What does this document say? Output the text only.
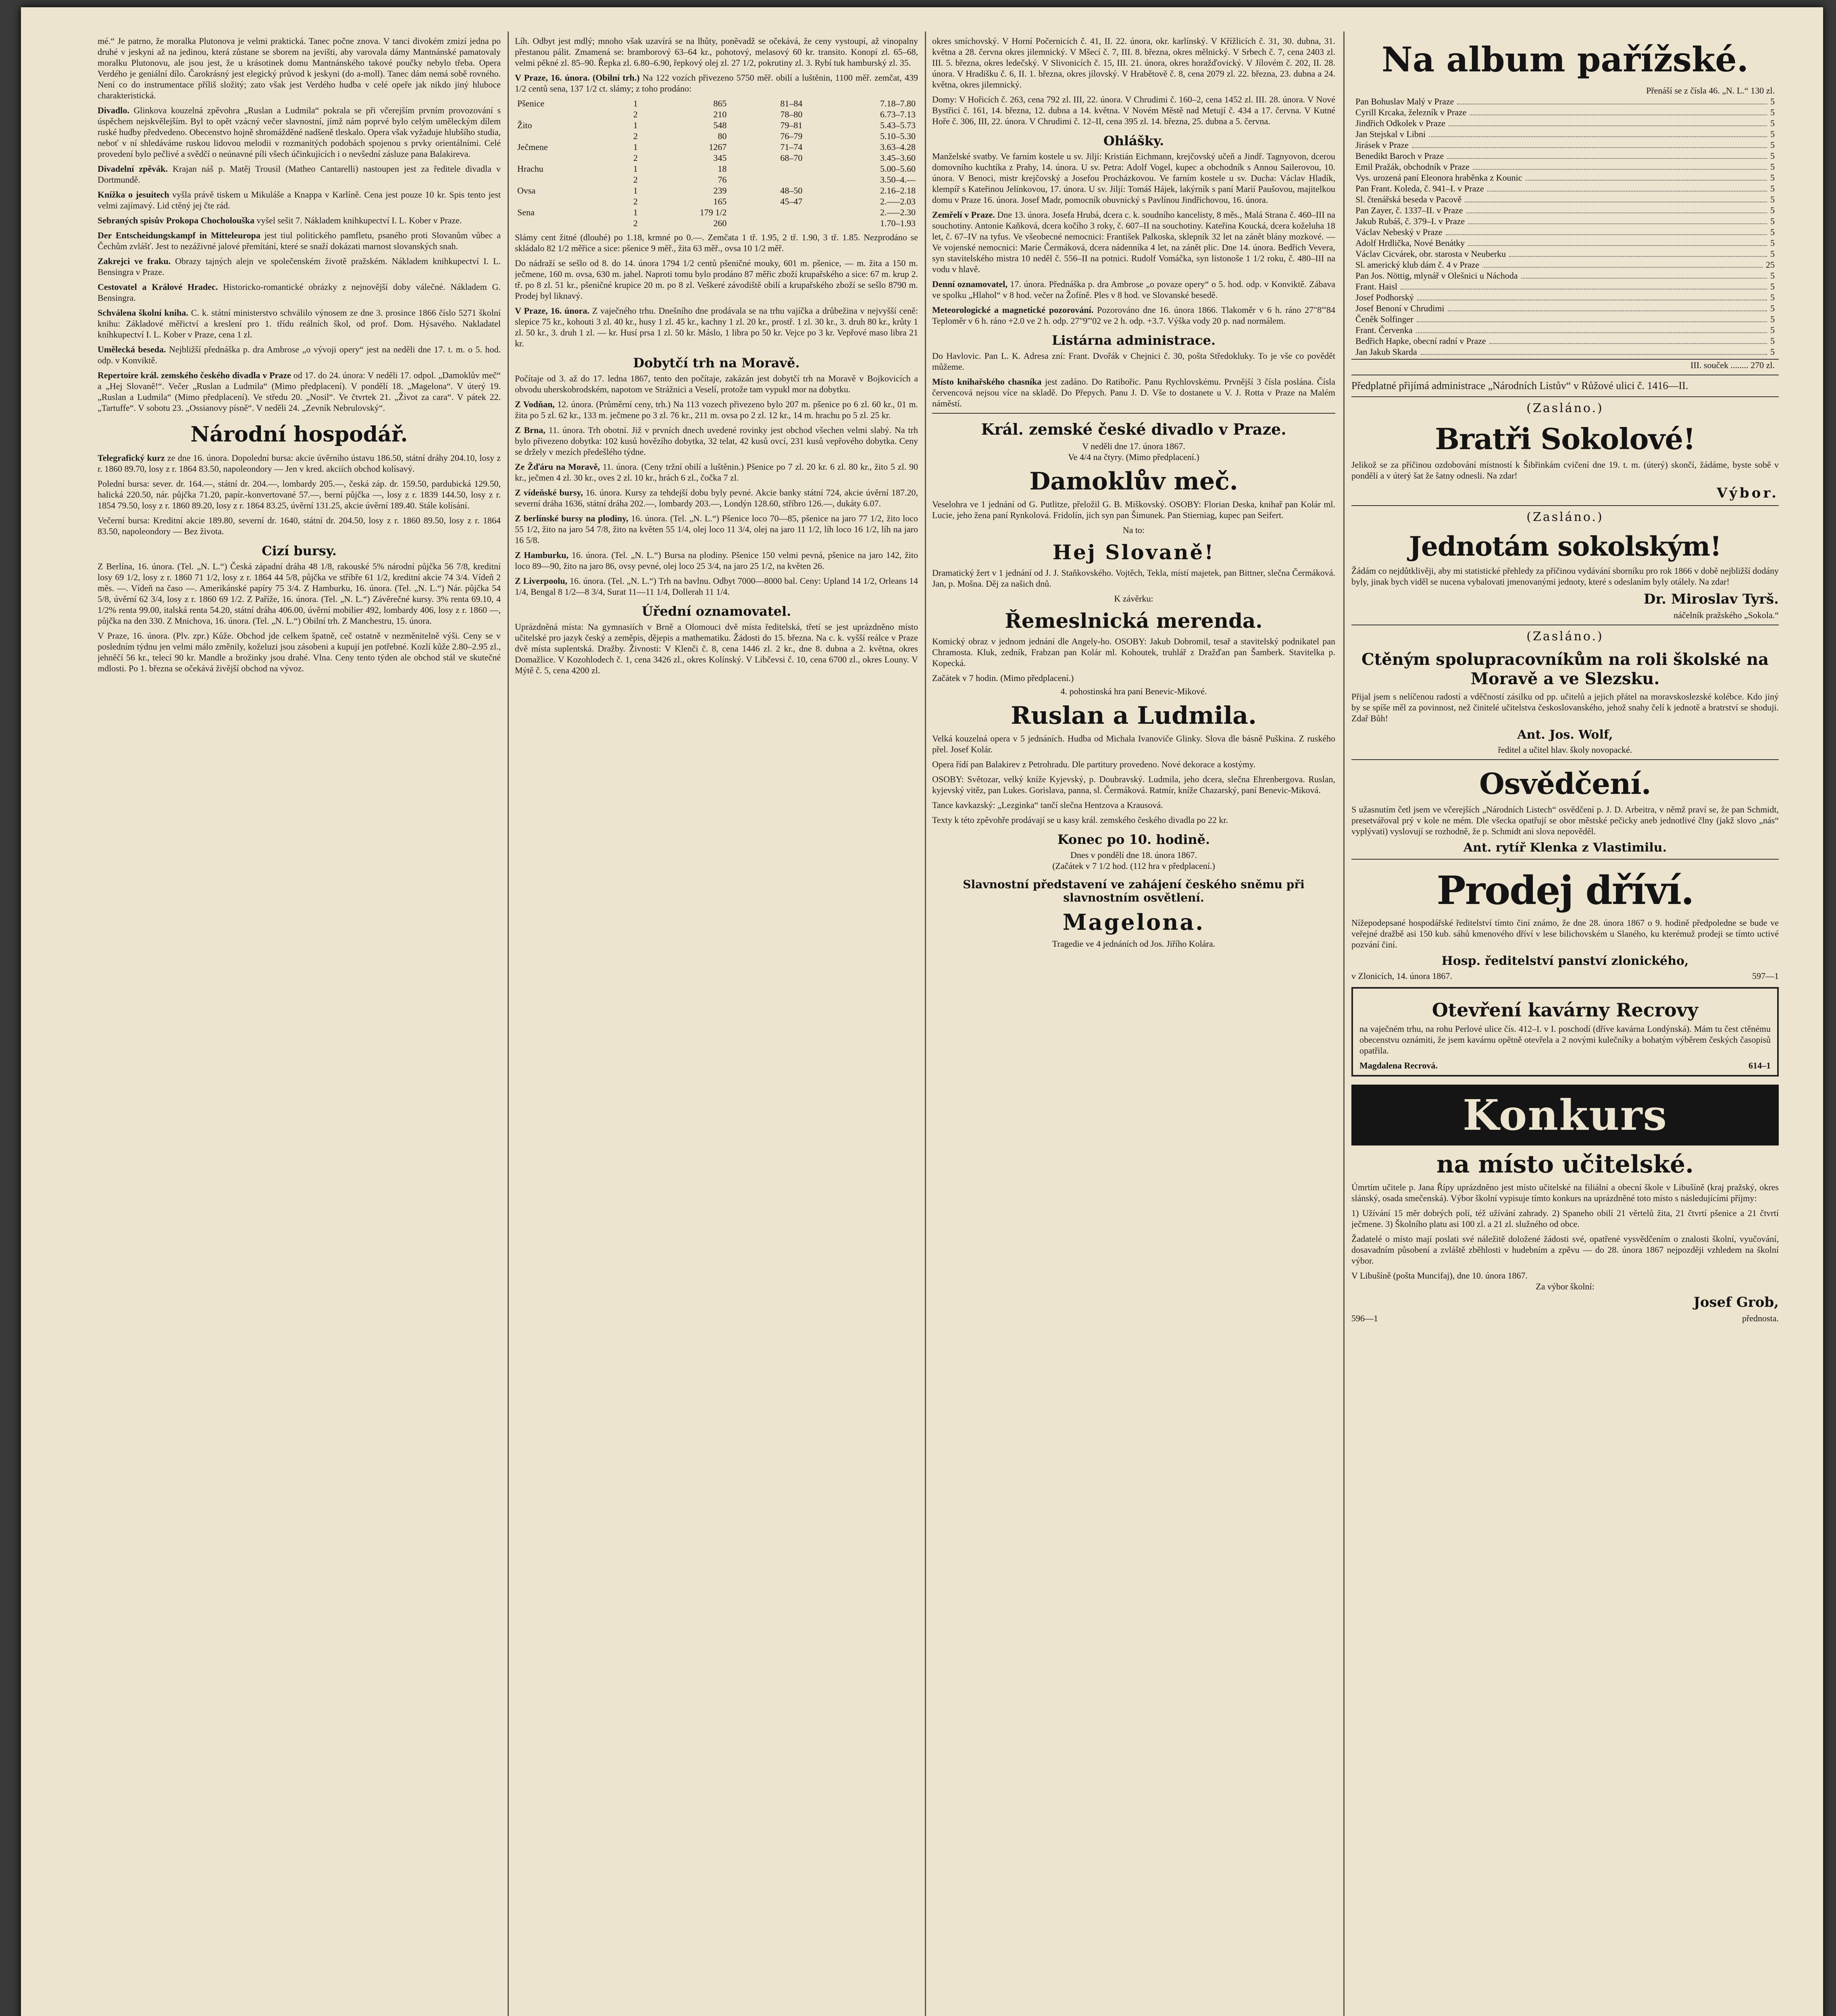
mé.“ Je patrno, že moralka Plutonova je velmi praktická. Tanec počne znova. V tanci divokém zmizí jedna po druhé v jeskyni až na jedinou, která zůstane se sborem na jevišti, aby varovala dámy Mantnánské pamatovaly moralku Plutonovu, ale jsou jest, že u krásotinek domu Mantnánského takové poučky nebylo třeba. Opera Verdého je geniální dílo. Čarokrásný jest elegický průvod k jeskyni (do a-moll). Tanec dám nemá sobě rovného. Není co do instrumentace příliš složitý; zato však jest Verdého hudba v celé opeře jak nikdo jiný hluboce charakteristická.

Divadlo. Glinkova kouzelná zpěvohra „Ruslan a Ludmila“ pokrala se při včerejším prvním provozování s úspěchem nejskvělejším. Byl to opět vzácný večer slavnostní, jímž nám poprvé bylo celým uměleckým dílem ruské hudby předvedeno. Obecenstvo hojně shromážděné nadšeně tleskalo. Opera však vyžaduje hlubšího studia, neboť v ní shledáváme ruskou lidovou melodii v rozmanitých podobách spojenou s prvky orientálními. Celé provedení bylo pečlivé a svědčí o neúnavné píli všech účinkujících i o nevšední zásluze pana Balakireva.

Divadelní zpěvák. Krajan náš p. Matěj Trousil (Matheo Cantarelli) nastoupen jest za ředitele divadla v Dortmundě.

Knížka o jesuitech vyšla právě tiskem u Mikuláše a Knappa v Karlíně. Cena jest pouze 10 kr. Spis tento jest velmi zajímavý. Lid ctěný jej čte rád.

Sebraných spisův Prokopa Chocholouška vyšel sešit 7. Nákladem knihkupectví I. L. Kober v Praze.

Der Entscheidungskampf in Mitteleuropa jest tiul politického pamfletu, psaného proti Slovanům vůbec a Čechům zvlášť. Jest to nezáživné jalové přemítání, které se snaží dokázati marnost slovanských snah.

Zakrejci ve fraku. Obrazy tajných alejn ve společenském životě pražském. Nákladem knihkupectví I. L. Bensingra v Praze.

Cestovatel a Králové Hradec. Historicko-romantické obrázky z nejnovější doby válečné. Nákladem G. Bensingra.

Schválena školní kniha. C. k. státní ministerstvo schválilo výnosem ze dne 3. prosince 1866 číslo 5271 školní knihu: Základové měřictví a kreslení pro 1. třídu reálních škol, od prof. Dom. Hýsavého. Nakladatel kníhkupectví I. L. Kober v Praze, cena 1 zl.

Umělecká beseda. Nejbližší přednáška p. dra Ambrose „o vývoji opery“ jest na neděli dne 17. t. m. o 5. hod. odp. v Konviktě.

Repertoire král. zemského českého divadla v Praze od 17. do 24. února: V neděli 17. odpol. „Damoklův meč“ a „Hej Slovaně!“. Večer „Ruslan a Ludmila“ (Mimo předplacení). V pondělí 18. „Magelona“. V úterý 19. „Ruslan a Ludmila“ (Mimo předplacení). Ve středu 20. „Nosil“. Ve čtvrtek 21. „Život za cara“. V pátek 22. „Tartuffe“. V sobotu 23. „Ossianovy písně“. V neděli 24. „Zevník Nebrulovský“.

Národní hospodář.

Telegrafický kurz ze dne 16. února. Dopolední bursa: akcie úvěrního ústavu 186.50, státní dráhy 204.10, losy z r. 1860 89.70, losy z r. 1864 83.50, napoleondory — Jen v kred. akciích obchod kolísavý.

Polední bursa: sever. dr. 164.—, státní dr. 204.—, lombardy 205.—, česká záp. dr. 159.50, pardubická 129.50, halická 220.50, nár. půjčka 71.20, papír.-konvertované 57.—, berní půjčka —, losy z r. 1839 144.50, losy z r. 1854 79.50, losy z r. 1860 89.20, losy z r. 1864 83.25, úvěrní 131.25, akcie úvěrní 189.40. Stále kolísání.

Večerní bursa: Kreditní akcie 189.80, severní dr. 1640, státní dr. 204.50, losy z r. 1860 89.50, losy z r. 1864 83.50, napoleondory — Bez života.

Cizí bursy.

Z Berlína, 16. února. (Tel. „N. L.“) Česká západní dráha 48 1/8, rakouské 5% národní půjčka 56 7/8, kreditní losy 69 1/2, losy z r. 1860 71 1/2, losy z r. 1864 44 5/8, půjčka ve stříbře 61 1/2, kreditní akcie 74 3/4. Vídeň 2 měs. —. Vídeň na časo —. Amerikánské papíry 75 3/4. Z Hamburku, 16. února. (Tel. „N. L.“) Nár. půjčka 54 5/8, úvěrní 62 3/4, losy z r. 1860 69 1/2. Z Paříže, 16. února. (Tel. „N. L.“) Závěrečné kursy. 3% renta 69.10, 4 1/2% renta 99.00, italská renta 54.20, státní dráha 406.00, úvěrní mobilier 492, lombardy 406, losy z r. 1860 —, půjčka na den 330. Z Mnichova, 16. února. (Tel. „N. L.“) Obilní trh. Z Manchestru, 15. února.

V Praze, 16. února. (Plv. zpr.) Kůže. Obchod jde celkem špatně, ceč ostatně v nezměnitelně výši. Ceny se v posledním týdnu jen velmi málo změnily, koželuzi jsou zásobeni a kupují jen potřebné. Kozlí kůže 2.80–2.95 zl., jehněčí 56 kr., telecí 90 kr. Mandle a brožinky jsou drahé. Vlna. Ceny tento týden ale obchod stál ve skutečné mdlosti. Po 1. března se očekává živější obchod na vývoz.

Líh. Odbyt jest mdlý; mnoho však uzavírá se na lhůty, poněvadž se očekává, že ceny vystoupí, až vinopalny přestanou pálit. Zmamená se: bramborový 63–64 kr., pohotový, melasový 60 kr. transito. Konopí zl. 65–68, velmi pěkné zl. 85–90. Řepka zl. 6.80–6.90, řepkový olej zl. 27 1/2, pokrutiny zl. 3. Rybí tuk hamburský zl. 35.

V Praze, 16. února. (Obilní trh.) Na 122 vozích přivezeno 5750 měř. obilí a luštěnin, 1100 měř. zemčat, 439 1/2 centů sena, 137 1/2 ct. slámy; z toho prodáno:

Pšenice	1	865	81–84	7.18–7.80
	2	210	78–80	6.73–7.13
Žito	1	548	79–81	5.43–5.73
	2	80	76–79	5.10–5.30
Ječmene	1	1267	71–74	3.63–4.28
	2	345	68–70	3.45–3.60
Hrachu	1	18		5.00–5.60
	2	76		3.50–4.—
Ovsa	1	239	48–50	2.16–2.18
	2	165	45–47	2.—–2.03
Sena	1	179 1/2		2.—–2.30
	2	260		1.70–1.93

Slámy cent žitné (dlouhé) po 1.18, krmné po 0.—. Zemčata 1 tř. 1.95, 2 tř. 1.90, 3 tř. 1.85. Nezprodáno se skládalo 82 1/2 měřice a sice: pšenice 9 měř., žita 63 měř., ovsa 10 1/2 měř.

Do nádraží se sešlo od 8. do 14. února 1794 1/2 centů pšeničné mouky, 601 m. pšenice, — m. žita a 150 m. ječmene, 160 m. ovsa, 630 m. jahel. Naproti tomu bylo prodáno 87 měřic zboží krupařského a sice: 67 m. krup 2. tř. po 8 zl. 51 kr., pšeničné krupice 20 m. po 8 zl. Veškeré závodiště obilí a krupařského zboží se sešlo 8790 m. Prodej byl liknavý.

V Praze, 16. února. Z vaječného trhu. Dnešního dne prodávala se na trhu vajíčka a drůbežina v nejvyšší ceně: slepice 75 kr., kohouti 3 zl. 40 kr., husy 1 zl. 45 kr., kachny 1 zl. 20 kr., prostř. 1 zl. 30 kr., 3. druh 80 kr., krůty 1 zl. 50 kr., 3. druh 1 zl. — kr. Husí prsa 1 zl. 50 kr. Máslo, 1 libra po 50 kr. Vejce po 3 kr. Vepřové maso libra 21 kr.

Dobytčí trh na Moravě.

Počítaje od 3. až do 17. ledna 1867, tento den počítaje, zakázán jest dobytčí trh na Moravě v Bojkovicích a obvodu uherskobrodském, napotom ve Strážnici a Veselí, protože tam vypukl mor na dobytku.

Z Vodňan, 12. února. (Průměrní ceny, trh.) Na 113 vozech přivezeno bylo 207 m. pšenice po 6 zl. 60 kr., 01 m. žita po 5 zl. 62 kr., 133 m. ječmene po 3 zl. 76 kr., 211 m. ovsa po 2 zl. 12 kr., 14 m. hrachu po 5 zl. 25 kr.

Z Brna, 11. února. Trh obotní. Již v prvních dnech uvedené rovinky jest obchod všechen velmi slabý. Na trh bylo přivezeno dobytka: 102 kusů hovězího dobytka, 32 telat, 42 kusů ovcí, 231 kusů vepřového dobytka. Ceny se držely v mezích předešlého týdne.

Ze Žďáru na Moravě, 11. února. (Ceny tržní obilí a luštěnin.) Pšenice po 7 zl. 20 kr. 6 zl. 80 kr., žito 5 zl. 90 kr., ječmen 4 zl. 30 kr., oves 2 zl. 10 kr., hrách 6 zl., čočka 7 zl.

Z vídeňské bursy, 16. února. Kursy za tehdejší dobu byly pevné. Akcie banky státní 724, akcie úvěrní 187.20, severní dráha 1636, státní dráha 202.—, lombardy 203.—, Londýn 128.60, stříbro 126.—, dukáty 6.07.

Z berlínské bursy na plodiny, 16. února. (Tel. „N. L.“) Pšenice loco 70—85, pšenice na jaro 77 1/2, žito loco 55 1/2, žito na jaro 54 7/8, žito na květen 55 1/4, olej loco 11 3/4, olej na jaro 11 1/2, líh loco 16 1/2, líh na jaro 16 5/8.

Z Hamburku, 16. února. (Tel. „N. L.“) Bursa na plodiny. Pšenice 150 velmi pevná, pšenice na jaro 142, žito loco 89—90, žito na jaro 86, ovsy pevné, olej loco 25 3/4, na jaro 25 1/2, na květen 26.

Z Liverpoolu, 16. února. (Tel. „N. L.“) Trh na bavlnu. Odbyt 7000—8000 bal. Ceny: Upland 14 1/2, Orleans 14 1/4, Bengal 8 1/2—8 3/4, Surat 11—11 1/4, Dollerah 11 1/4.

Úřední oznamovatel.

Uprázdněná místa: Na gymnasiích v Brně a Olomouci dvě místa ředitelská, třetí se jest uprázdněno místo učitelské pro jazyk český a zeměpis, dějepis a mathematiku. Žádosti do 15. března. Na c. k. vyšší reálce v Praze dvě místa suplentská. Dražby. Živnosti: V Klenči č. 8, cena 1446 zl. 2 kr., dne 8. dubna a 2. května, okres Domažlice. V Kozohlodech č. 1, cena 3426 zl., okres Kolínský. V Libčevsi č. 10, cena 6700 zl., okres Louny. V Mýtě č. 5, cena 4200 zl.

okres smíchovský. V Horní Počernicích č. 41, II. 22. února, okr. karlínský. V Křížlicích č. 31, 30. dubna, 31. května a 28. června okres jilemnický. V Mšecí č. 7, III. 8. března, okres mělnický. V Srbech č. 7, cena 2403 zl. III. 5. března, okres ledečský. V Slivonicích č. 15, III. 21. února, okres horažďovický. V Jílovém č. 202, II. 28. února. V Hradišku č. 6, II. 1. března, okres jílovský. V Hrabětově č. 8, cena 2079 zl. 22. března, 23. dubna a 24. května, okres jilemnický.

Domy: V Hořicích č. 263, cena 792 zl. III, 22. února. V Chrudimi č. 160–2, cena 1452 zl. III. 28. února. V Nové Bystřici č. 161, 14. března, 12. dubna a 14. května. V Novém Městě nad Metují č. 434 a 17. června. V Kutné Hoře č. 306, III, 22. února. V Chrudimi č. 12–II, cena 395 zl. 14. března, 25. dubna a 5. června.

Ohlášky.

Manželské svatby. Ve farním kostele u sv. Jiljí: Kristián Eichmann, krejčovský učeň a Jindř. Tagnyovon, dcerou domovního kuchtíka z Prahy, 14. února. U sv. Petra: Adolf Vogel, kupec a obchodník s Annou Sailerovou, 10. února. V Benoci, mistr krejčovský a Josefou Procházkovou. Ve farním kostele u sv. Ducha: Václav Hladík, klempíř s Kateřinou Jelínkovou, 17. února. U sv. Jiljí: Tomáš Hájek, lakýrník s paní Marií Paušovou, majitelkou domu v Praze 16. února. Josef Madr, pomocník obuvnický s Pavlínou Jindřichovou, 16. února.

Zemřelí v Praze. Dne 13. února. Josefa Hrubá, dcera c. k. soudního kancelisty, 8 měs., Malá Strana č. 460–III na souchotiny. Antonie Kaňková, dcera kočího 3 roky, č. 607–II na souchotiny. Kateřina Koucká, dcera koželuha 18 let, č. 67–IV na tyfus. Ve všeobecné nemocnici: František Palkoska, sklepník 32 let na zánět blány mozkové. — Ve vojenské nemocnici: Marie Čermáková, dcera nádenníka 4 let, na zánět plic. Dne 14. února. Bedřich Vevera, syn stavitelského mistra 10 neděl č. 556–II na potnici. Rudolf Vomáčka, syn listonoše 1 1/2 roku, č. 480–III na vodu v hlavě.

Denní oznamovatel, 17. února. Přednáška p. dra Ambrose „o povaze opery“ o 5. hod. odp. v Konviktě. Zábava ve spolku „Hlahol“ v 8 hod. večer na Žofíně. Ples v 8 hod. ve Slovanské besedě.

Meteorologické a magnetické pozorování. Pozorováno dne 16. února 1866. Tlakoměr v 6 h. ráno 27"8'''84 Teploměr v 6 h. ráno +2.0 ve 2 h. odp. 27"9'''02 ve 2 h. odp. +3.7. Výška vody 20 p. nad normálem.

Listárna administrace.

Do Havlovic. Pan L. K. Adresa zní: Frant. Dvořák v Chejnici č. 30, pošta Středokluky. To je vše co povědět můžeme.

Místo knihařského chasníka jest zadáno. Do Ratibořic. Panu Rychlovskému. Prvnější 3 čísla poslána. Čísla červencová nejsou více na skladě. Do Přepych. Panu J. D. Vše to dostanete u V. J. Rotta v Praze na Malém náměstí.

Král. zemské české divadlo v Praze.
V neděli dne 17. února 1867.
Ve 4/4 na čtyry. (Mimo předplacení.)
Damoklův meč.

Veselohra ve 1 jednání od G. Putlitze, přeložil G. B. Miškovský. OSOBY: Florian Deska, knihař pan Kolár ml. Lucie, jeho žena paní Rynkolová. Fridolín, jich syn pan Šimunek. Pan Stierniag, kupec pan Seifert.

Na to:
Hej Slovaně!

Dramatický žert v 1 jednání od J. J. Staňkovského. Vojtěch, Tekla, místí majetek, pan Bittner, slečna Čermáková. Jan, p. Mošna. Děj za našich dnů.

K závěrku:
Řemeslnická merenda.

Komický obraz v jednom jednání dle Angely-ho. OSOBY: Jakub Dobromil, tesař a stavitelský podnikatel pan Chramosta. Kluk, zedník, Frabzan pan Kolár ml. Kohoutek, truhlář z Dražďan pan Šamberk. Stavitelka p. Kopecká.

Začátek v 7 hodin. (Mimo předplacení.)
4. pohostinská hra paní Benevic-Mikové.
Ruslan a Ludmila.

Velká kouzelná opera v 5 jednáních. Hudba od Michala Ivanoviče Glinky. Slova dle básně Puškina. Z ruského přel. Josef Kolár.

Opera řídí pan Balakirev z Petrohradu. Dle partitury provedeno. Nové dekorace a kostýmy.

OSOBY: Světozar, velký kníže Kyjevský, p. Doubravský. Ludmila, jeho dcera, slečna Ehrenbergova. Ruslan, kyjevský vitěz, pan Lukes. Gorislava, panna, sl. Čermáková. Ratmír, kníže Chazarský, paní Benevic-Miková.

Tance kavkazský: „Lezginka“ tančí slečna Hentzova a Krausová.

Texty k této zpěvohře prodávají se u kasy král. zemského českého divadla po 22 kr.

Konec po 10. hodině.
Dnes v pondělí dne 18. února 1867.
(Začátek v 7 1/2 hod. (112 hra v předplacení.)
Slavnostní představení ve zahájení českého sněmu při slavnostním osvětlení.
Magelona.
Tragedie ve 4 jednáních od Jos. Jiřího Kolára.
Na album pařížské.
Přenáší se z čísla 46. „N. L.“ 130 zl.
Pan Bohuslav Malý v Praze	5
Cyrill Krcaka, železník v Praze	5
Jindřich Odkolek v Praze	5
Jan Stejskal v Libni	5
Jirásek v Praze	5
Benedikt Baroch v Praze	5
Emil Pražák, obchodník v Praze	5
Vys. urozená paní Eleonora hraběnka z Kounic	5
Pan Frant. Koleda, č. 941–I. v Praze	5
Sl. čtenářská beseda v Pacově	5
Pan Zayer, č. 1337–II. v Praze	5
Jakub Rubáš, č. 379–I. v Praze	5
Václav Nebeský v Praze	5
Adolf Hrdlička, Nové Benátky	5
Václav Cicvárek, obr. starosta v Neuberku	5
Sl. americký klub dám č. 4 v Praze	25
Pan Jos. Nöttig, mlynář v Olešnici u Náchoda	5
Frant. Haisl	5
Josef Podhorský	5
Josef Benoní v Chrudimi	5
Čeněk Solfinger	5
Frant. Červenka	5
Bedřich Hapke, obecní radní v Praze	5
Jan Jakub Skarda	5
III. souček ........ 270 zl.

Předplatné přijímá administrace „Národních Listův“ v Růžové ulici č. 1416—II.

(Zasláno.)
Bratři Sokolové!

Jelikož se za příčinou ozdobování místností k Šibřinkám cvičení dne 19. t. m. (úterý) skončí, žádáme, byste sobě v pondělí a v úterý šat že šatny odnesli. Na zdar!

Výbor.
(Zasláno.)
Jednotám sokolským!

Žádám co nejdůtklivěji, aby mi statistické přehledy za příčinou vydávání sborníku pro rok 1866 v době nejbližší dodány byly, jinak bych viděl se nucena vybalovati jmenovanými jednoty, které s odeslaním byly otálely. Na zdar!

Dr. Miroslav Tyrš.
náčelník pražského „Sokola.“
(Zasláno.)
Ctěným spolupracovníkům na roli školské na Moravě a ve Slezsku.

Přijal jsem s nelíčenou radostí a vděčností zásilku od pp. učitelů a jejich přátel na moravskoslezské kolébce. Kdo jiný by se spíše měl za povinnost, než činitelé učitelstva českoslovanského, jehož snahy čelí k jednotě a bratrství se shoduji. Zdař Bůh!

Ant. Jos. Wolf,
ředitel a učitel hlav. školy novopacké.
Osvědčení.

S užasnutím četl jsem ve včerejších „Národních Listech“ osvědčení p. J. D. Arbeitra, v němž praví se, že pan Schmidt, presetvářoval prý v kole ne mém. Dle všecka opatřují se obor městské pečicky aneb jednotlivé člny (jakž slovo „nás“ vyplývati) vyslovují se rozhodně, že p. Schmidt ani slova nepověděl.

Ant. rytíř Klenka z Vlastimilu.
Prodej dříví.

Nížepodepsané hospodářské ředitelství tímto činí známo, že dne 28. února 1867 o 9. hodině předpoledne se bude ve veřejné dražbě asi 150 kub. sáhů kmenového dříví v lese bilichovském u Slaného, ku kterémuž prodeji se tímto uctivé pozvání činí.

Hosp. ředitelství panství zlonického,
v Zlonicích, 14. února 1867.	597—1
Otevření kavárny Recrovy

na vaječném trhu, na rohu Perlové ulice čís. 412–I. v I. poschodí (dříve kavárna Londýnská). Mám tu čest ctěnému obecenstvu oznámiti, že jsem kavárnu opětně otevřela a 2 novými kulečníky a bohatým výběrem českých časopisů opatřila.

Magdalena Recrová.	614–1
Konkurs
na místo učitelské.

Úmrtím učitele p. Jana Řípy uprázdněno jest místo učitelské na filiální a obecní škole v Libušíně (kraj pražský, okres slánský, osada smečenská). Výbor školní vypisuje tímto konkurs na uprázdněné toto místo s následujícími příjmy:

1) Užívání 15 měr dobrých polí, též užívání zahrady. 2) Spaneho obilí 21 věrtelů žita, 21 čtvrtí pšenice a 21 čtvrtí ječmene. 3) Školního platu asi 100 zl. a 21 zl. služného od obce.

Žadatelé o místo mají poslati své náležitě doložené žádosti své, opatřené vysvědčením o znalosti školní, vyučování, dosavadním působení a zvláště zběhlosti v hudebním a zpěvu — do 28. února 1867 nejpozději vzhledem na školní výbor.

V Libušíně (pošta Muncifaj), dne 10. února 1867.
Za výbor školní:
Josef Grob,
596—1	přednosta.
